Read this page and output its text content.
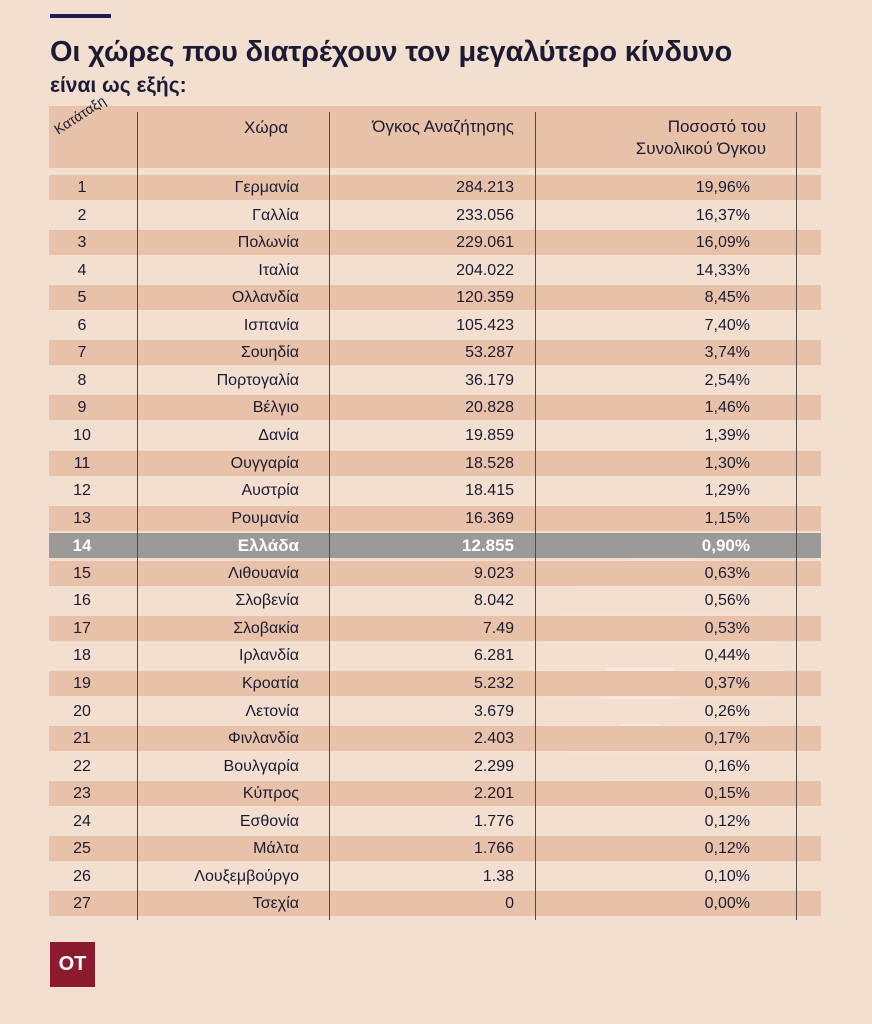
Οι χώρες που διατρέχουν τον μεγαλύτερο κίνδυνο
είναι ως εξής:
Κατάταξη	Χώρα	Όγκος Αναζήτησης	Ποσοστό του Συνολικού Όγκου
1	Γερμανία	284.213	19,96%
2	Γαλλία	233.056	16,37%
3	Πολωνία	229.061	16,09%
4	Ιταλία	204.022	14,33%
5	Ολλανδία	120.359	8,45%
6	Ισπανία	105.423	7,40%
7	Σουηδία	53.287	3,74%
8	Πορτογαλία	36.179	2,54%
9	Βέλγιο	20.828	1,46%
10	Δανία	19.859	1,39%
11	Ουγγαρία	18.528	1,30%
12	Αυστρία	18.415	1,29%
13	Ρουμανία	16.369	1,15%
14	Ελλάδα	12.855	0,90%
15	Λιθουανία	9.023	0,63%
16	Σλοβενία	8.042	0,56%
17	Σλοβακία	7.49	0,53%
18	Ιρλανδία	6.281	0,44%
19	Κροατία	5.232	0,37%
20	Λετονία	3.679	0,26%
21	Φινλανδία	2.403	0,17%
22	Βουλγαρία	2.299	0,16%
23	Κύπρος	2.201	0,15%
24	Εσθονία	1.776	0,12%
25	Μάλτα	1.766	0,12%
26	Λουξεμβούργο	1.38	0,10%
27	Τσεχία	0	0,00%
OT
